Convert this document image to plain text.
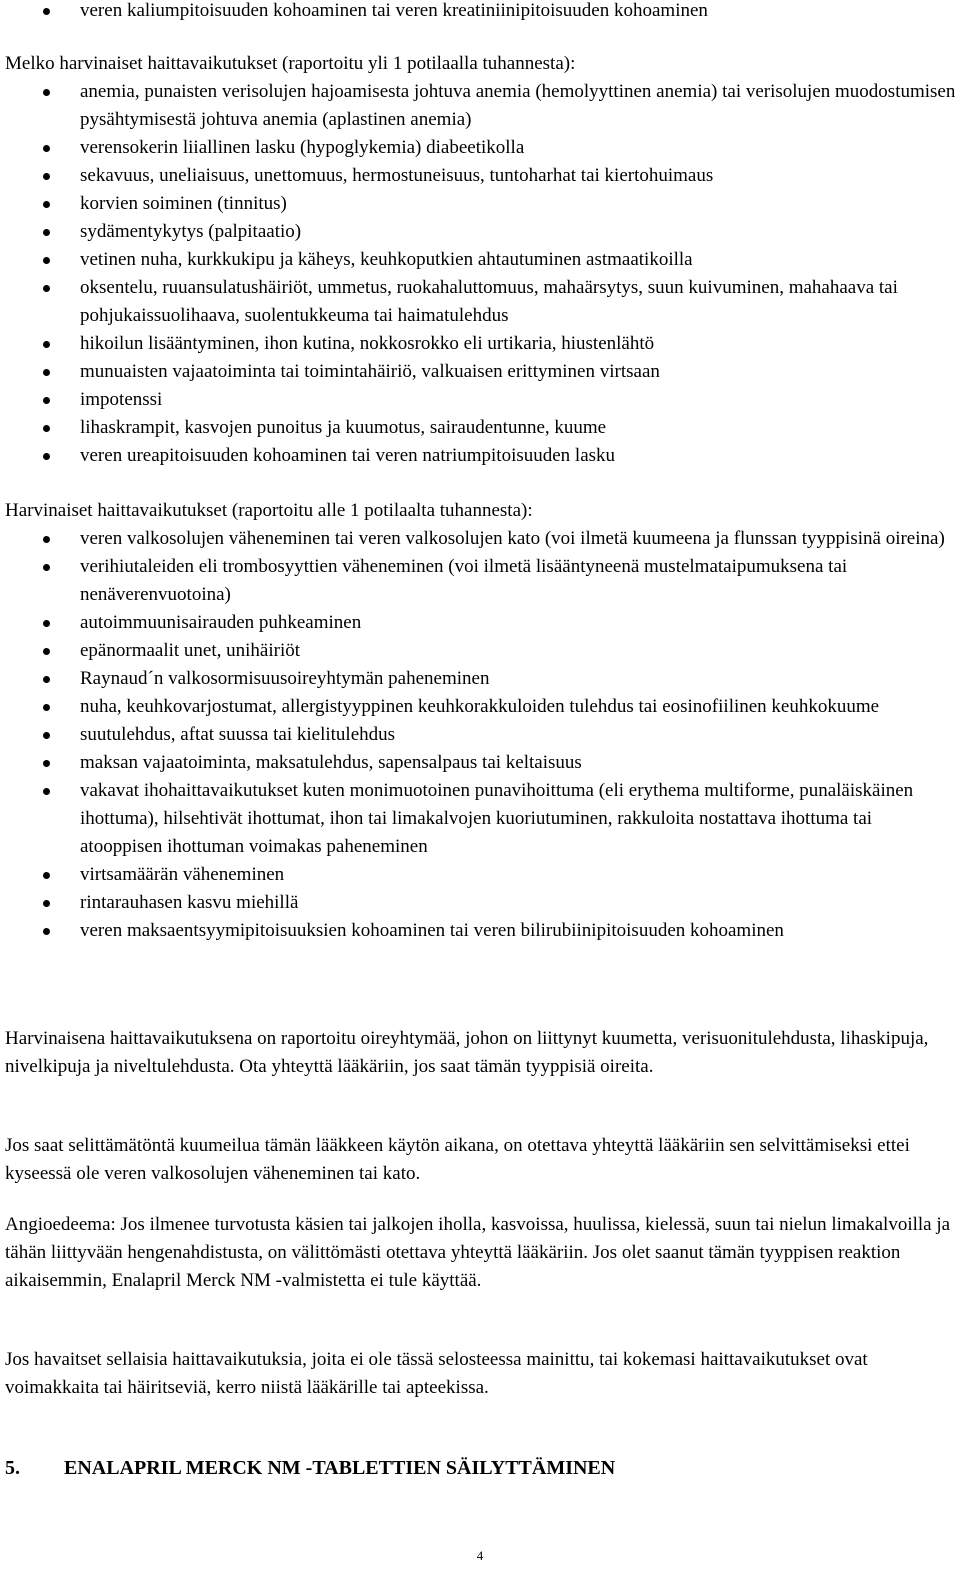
veren kaliumpitoisuuden kohoaminen tai veren kreatiniinipitoisuuden kohoaminen

Melko harvinaiset haittavaikutukset (raportoitu yli 1 potilaalla tuhannesta):

anemia, punaisten verisolujen hajoamisesta johtuva anemia (hemolyyttinen anemia) tai verisolujen muodostumisen pysähtymisestä johtuva anemia (aplastinen anemia)
verensokerin liiallinen lasku (hypoglykemia) diabeetikolla
sekavuus, uneliaisuus, unettomuus, hermostuneisuus, tuntoharhat tai kiertohuimaus
korvien soiminen (tinnitus)
sydämentykytys (palpitaatio)
vetinen nuha, kurkkukipu ja käheys, keuhkoputkien ahtautuminen astmaatikoilla
oksentelu, ruuansulatushäiriöt, ummetus, ruokahaluttomuus, mahaärsytys, suun kuivuminen, mahahaava tai pohjukaissuolihaava, suolentukkeuma tai haimatulehdus
hikoilun lisääntyminen, ihon kutina, nokkosrokko eli urtikaria, hiustenlähtö
munuaisten vajaatoiminta tai toimintahäiriö, valkuaisen erittyminen virtsaan
impotenssi
lihaskrampit, kasvojen punoitus ja kuumotus, sairaudentunne, kuume
veren ureapitoisuuden kohoaminen tai veren natriumpitoisuuden lasku

Harvinaiset haittavaikutukset (raportoitu alle 1 potilaalta tuhannesta):

veren valkosolujen väheneminen tai veren valkosolujen kato (voi ilmetä kuumeena ja flunssan tyyppisinä oireina)
verihiutaleiden eli trombosyyttien väheneminen (voi ilmetä lisääntyneenä mustelmataipumuksena tai nenäverenvuotoina)
autoimmuunisairauden puhkeaminen
epänormaalit unet, unihäiriöt
Raynaud´n valkosormisuusoireyhtymän paheneminen
nuha, keuhkovarjostumat, allergistyyppinen keuhkorakkuloiden tulehdus tai eosinofiilinen keuhkokuume
suutulehdus, aftat suussa tai kielitulehdus
maksan vajaatoiminta, maksatulehdus, sapensalpaus tai keltaisuus
vakavat ihohaittavaikutukset kuten monimuotoinen punavihoittuma (eli erythema multiforme, punaläiskäinen ihottuma), hilsehtivät ihottumat, ihon tai limakalvojen kuoriutuminen, rakkuloita nostattava ihottuma tai atooppisen ihottuman voimakas paheneminen
virtsamäärän väheneminen
rintarauhasen kasvu miehillä
veren maksaentsyymipitoisuuksien kohoaminen tai veren bilirubiinipitoisuuden kohoaminen

Harvinaisena haittavaikutuksena on raportoitu oireyhtymää, johon on liittynyt kuumetta, verisuonitulehdusta, lihaskipuja, nivelkipuja ja niveltulehdusta. Ota yhteyttä lääkäriin, jos saat tämän tyyppisiä oireita.

Jos saat selittämätöntä kuumeilua tämän lääkkeen käytön aikana, on otettava yhteyttä lääkäriin sen selvittämiseksi ettei kyseessä ole veren valkosolujen väheneminen tai kato.

Angioedeema: Jos ilmenee turvotusta käsien tai jalkojen iholla, kasvoissa, huulissa, kielessä, suun tai nielun limakalvoilla ja tähän liittyvään hengenahdistusta, on välittömästi otettava yhteyttä lääkäriin. Jos olet saanut tämän tyyppisen reaktion aikaisemmin, Enalapril Merck NM -valmistetta ei tule käyttää.

Jos havaitset sellaisia haittavaikutuksia, joita ei ole tässä selosteessa mainittu, tai kokemasi haittavaikutukset ovat voimakkaita tai häiritseviä, kerro niistä lääkärille tai apteekissa.

5. ENALAPRIL MERCK NM -TABLETTIEN SÄILYTTÄMINEN
4
